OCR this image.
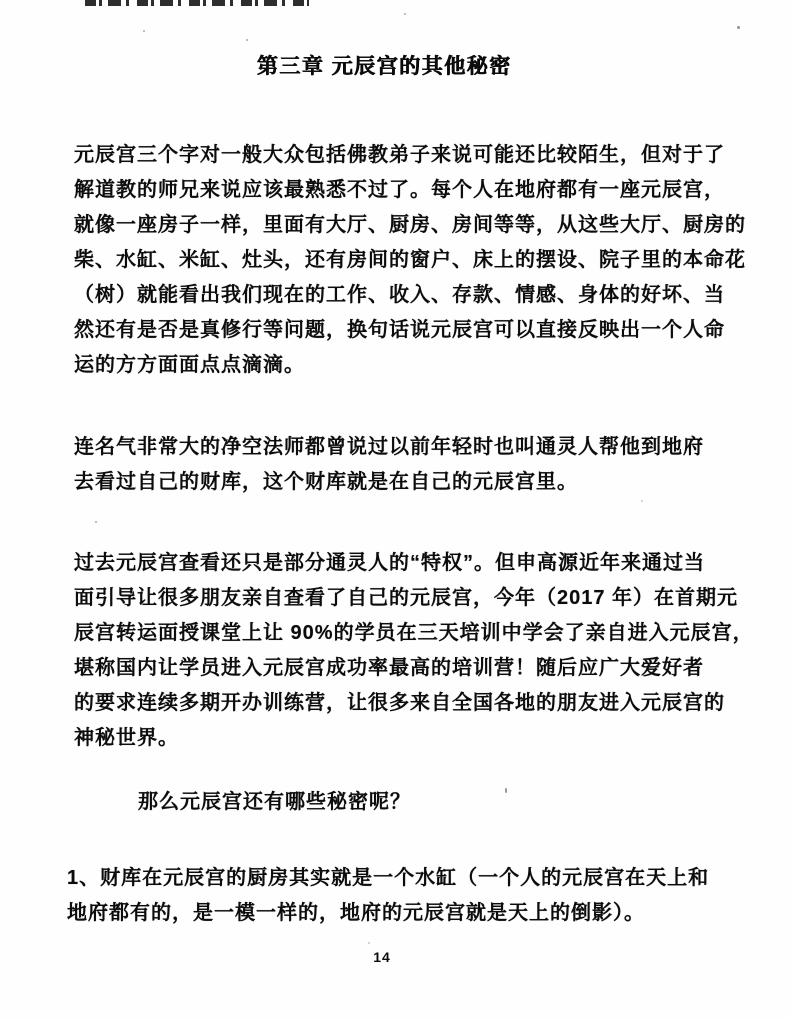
第三章 元辰宫的其他秘密
元辰宫三个字对一般大众包括佛教弟子来说可能还比较陌生，但对于了
解道教的师兄来说应该最熟悉不过了。每个人在地府都有一座元辰宫，
就像一座房子一样，里面有大厅、厨房、房间等等，从这些大厅、厨房的
柴、水缸、米缸、灶头，还有房间的窗户、床上的摆设、院子里的本命花
（树）就能看出我们现在的工作、收入、存款、情感、身体的好坏、当
然还有是否是真修行等问题，换句话说元辰宫可以直接反映出一个人命
运的方方面面点点滴滴。
连名气非常大的净空法师都曾说过以前年轻时也叫通灵人帮他到地府
去看过自己的财库，这个财库就是在自己的元辰宫里。
过去元辰宫查看还只是部分通灵人的“特权”。但申高源近年来通过当
面引导让很多朋友亲自查看了自己的元辰宫，今年（2017 年）在首期元
辰宫转运面授课堂上让 90%的学员在三天培训中学会了亲自进入元辰宫，
堪称国内让学员进入元辰宫成功率最高的培训营！随后应广大爱好者
的要求连续多期开办训练营，让很多来自全国各地的朋友进入元辰宫的
神秘世界。
那么元辰宫还有哪些秘密呢？
1、财库在元辰宫的厨房其实就是一个水缸（一个人的元辰宫在天上和
地府都有的，是一模一样的，地府的元辰宫就是天上的倒影）。
14
